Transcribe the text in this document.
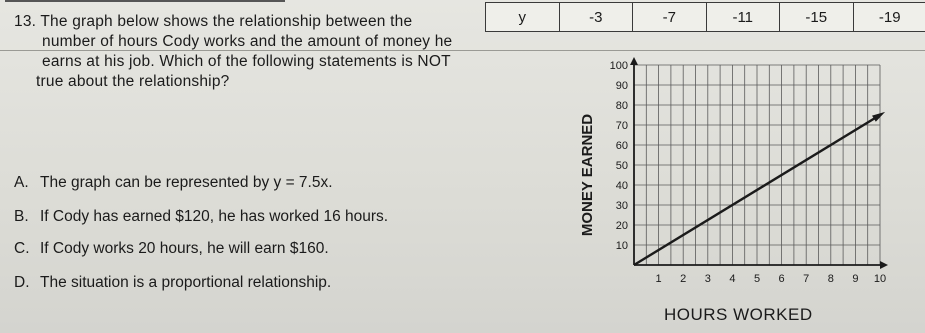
y	-3	-7	-11	-15	-19
13. The graph below shows the relationship between the
number of hours Cody works and the amount of money he
earns at his job. Which of the following statements is NOT
true about the relationship?
A. The graph can be represented by y = 7.5x.
B. If Cody has earned $120, he has worked 16 hours.
C. If Cody works 20 hours, he will earn $160.
D. The situation is a proportional relationship.
10
20
30
40
50
60
70
80
90
100
1 2 3 4 5 6 7 8 9 10
MONEY EARNED
HOURS WORKED
